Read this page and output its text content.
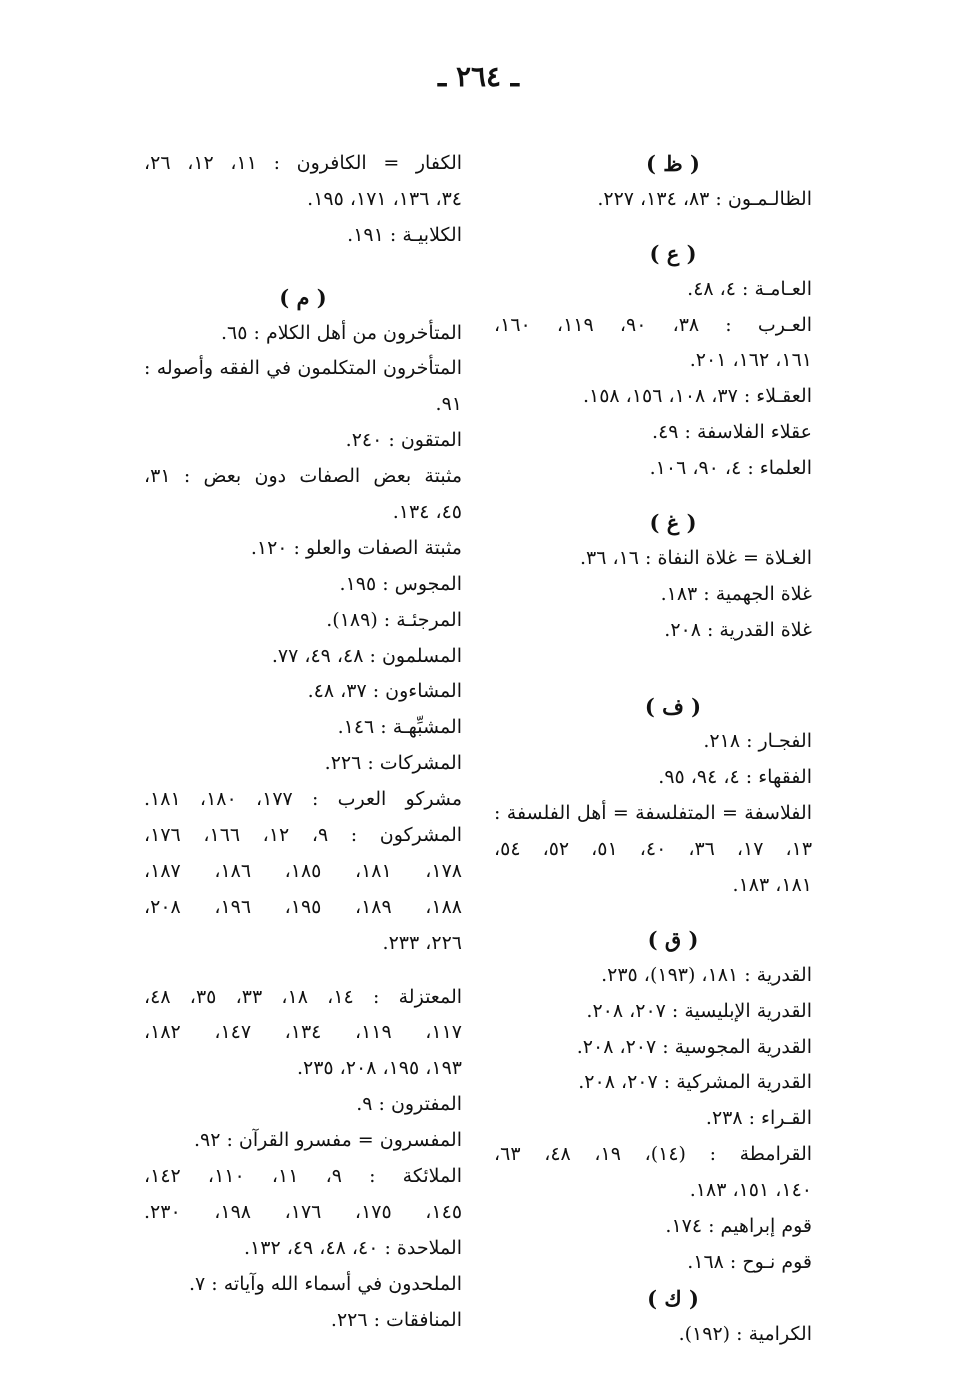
ـ ٢٦٤ ـ
( ظ )
الظالـمـون : ٨٣، ١٣٤، ٢٢٧.
( ع )
العـامـة : ٤، ٤٨.
العـرب : ٣٨، ٩٠، ١١٩، ١٦٠،
١٦١، ١٦٢، ٢٠١.
العقـلاء : ٣٧، ١٠٨، ١٥٦، ١٥٨.
عقلاء الفلاسفة : ٤٩.
العلماء : ٤، ٩٠، ١٠٦.
( غ )
الغـلاة = غلاة النفاة : ١٦، ٣٦.
غلاة الجهمية : ١٨٣.
غلاة القدرية : ٢٠٨.
( ف )
الفجـار : ٢١٨.
الفقهاء : ٤، ٩٤، ٩٥.
الفلاسفة = المتفلسفة = أهل الفلسفة :
١٣، ١٧، ٣٦، ٤٠، ٥١، ٥٢، ٥٤،
١٨١، ١٨٣.
( ق )
القدرية : ١٨١، (١٩٣)، ٢٣٥.
القدرية الإبليسية : ٢٠٧، ٢٠٨.
القدرية المجوسية : ٢٠٧، ٢٠٨.
القدرية المشركية : ٢٠٧، ٢٠٨.
القـراء : ٢٣٨.
القرامطة : (١٤)، ١٩، ٤٨، ٦٣،
١٤٠، ١٥١، ١٨٣.
قوم إبراهيم : ١٧٤.
قوم نـوح : ١٦٨.
( ك )
الكرامية : (١٩٢).
الكفار = الكافرون : ١١، ١٢، ٢٦،
٣٤، ١٣٦، ١٧١، ١٩٥.
الكلابيـة : ١٩١.
( م )
المتأخرون من أهل الكلام : ٦٥.
المتأخرون المتكلمون في الفقه وأصوله :
٩١.
المتقون : ٢٤٠.
مثبتة بعض الصفات دون بعض : ٣١،
٤٥، ١٣٤.
مثبتة الصفات والعلو : ١٢٠.
المجوس : ١٩٥.
المرجئـة : (١٨٩).
المسلمون : ٤٨، ٤٩، ٧٧.
المشاءون : ٣٧، ٤٨.
المشبِّهـة : ١٤٦.
المشركات : ٢٢٦.
مشركو العرب : ١٧٧، ١٨٠، ١٨١.
المشركون : ٩، ١٢، ١٦٦، ١٧٦،
١٧٨، ١٨١، ١٨٥، ١٨٦، ١٨٧،
١٨٨، ١٨٩، ١٩٥، ١٩٦، ٢٠٨،
٢٢٦، ٢٣٣.
المعتزلة : ١٤، ١٨، ٣٣، ٣٥، ٤٨،
١١٧، ١١٩، ١٣٤، ١٤٧، ١٨٢،
١٩٣، ١٩٥، ٢٠٨، ٢٣٥.
المفترون : ٩.
المفسرون = مفسرو القرآن : ٩٢.
الملائكة : ٩، ١١، ١١٠، ١٤٢،
١٤٥، ١٧٥، ١٧٦، ١٩٨، ٢٣٠.
الملاحدة : ٤٠، ٤٨، ٤٩، ١٣٢.
الملحدون في أسماء الله وآياته : ٧.
المنافقات : ٢٢٦.
